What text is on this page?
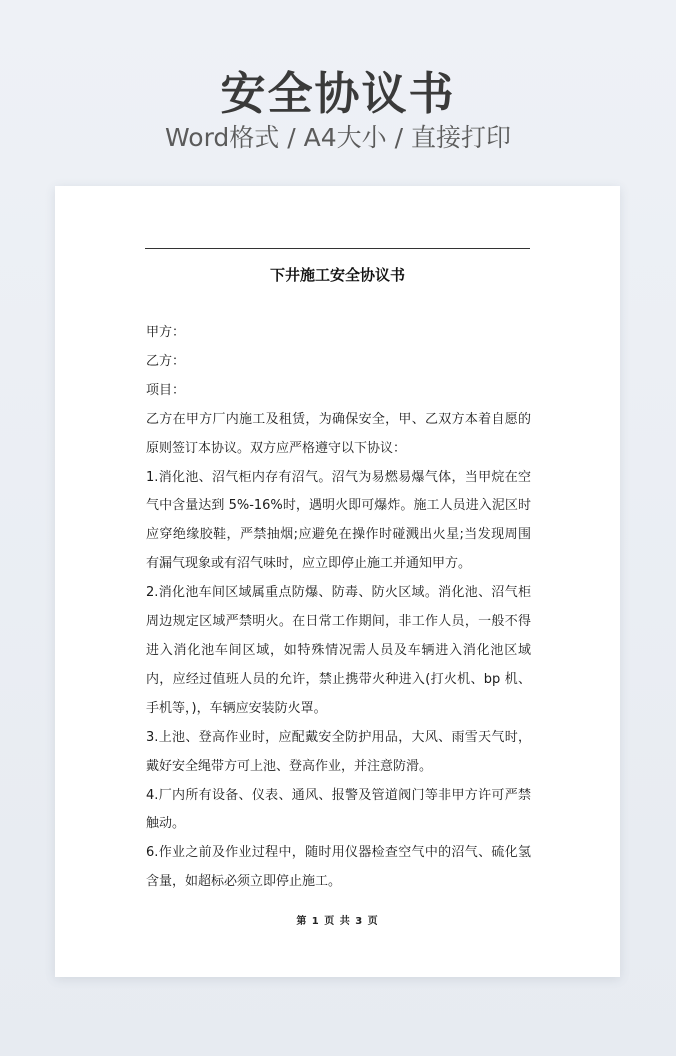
安全协议书
Word格式 / A4大小 / 直接打印
下井施工安全协议书

甲方：

乙方：

项目：

乙方在甲方厂内施工及租赁，为确保安全，甲、乙双方本着自愿的原则签订本协议。双方应严格遵守以下协议：

1.消化池、沼气柜内存有沼气。沼气为易燃易爆气体，当甲烷在空气中含量达到 5%-16%时，遇明火即可爆炸。施工人员进入泥区时应穿绝缘胶鞋，严禁抽烟;应避免在操作时碰溅出火星;当发现周围有漏气现象或有沼气味时，应立即停止施工并通知甲方。

2.消化池车间区域属重点防爆、防毒、防火区域。消化池、沼气柜周边规定区域严禁明火。在日常工作期间，非工作人员，一般不得进入消化池车间区域，如特殊情况需人员及车辆进入消化池区域内，应经过值班人员的允许，禁止携带火种进入(打火机、bp 机、手机等，)，车辆应安装防火罩。

3.上池、登高作业时，应配戴安全防护用品，大风、雨雪天气时，戴好安全绳带方可上池、登高作业，并注意防滑。

4.厂内所有设备、仪表、通风、报警及管道阀门等非甲方许可严禁触动。

6.作业之前及作业过程中，随时用仪器检查空气中的沼气、硫化氢含量，如超标必须立即停止施工。

第 1 页 共 3 页
